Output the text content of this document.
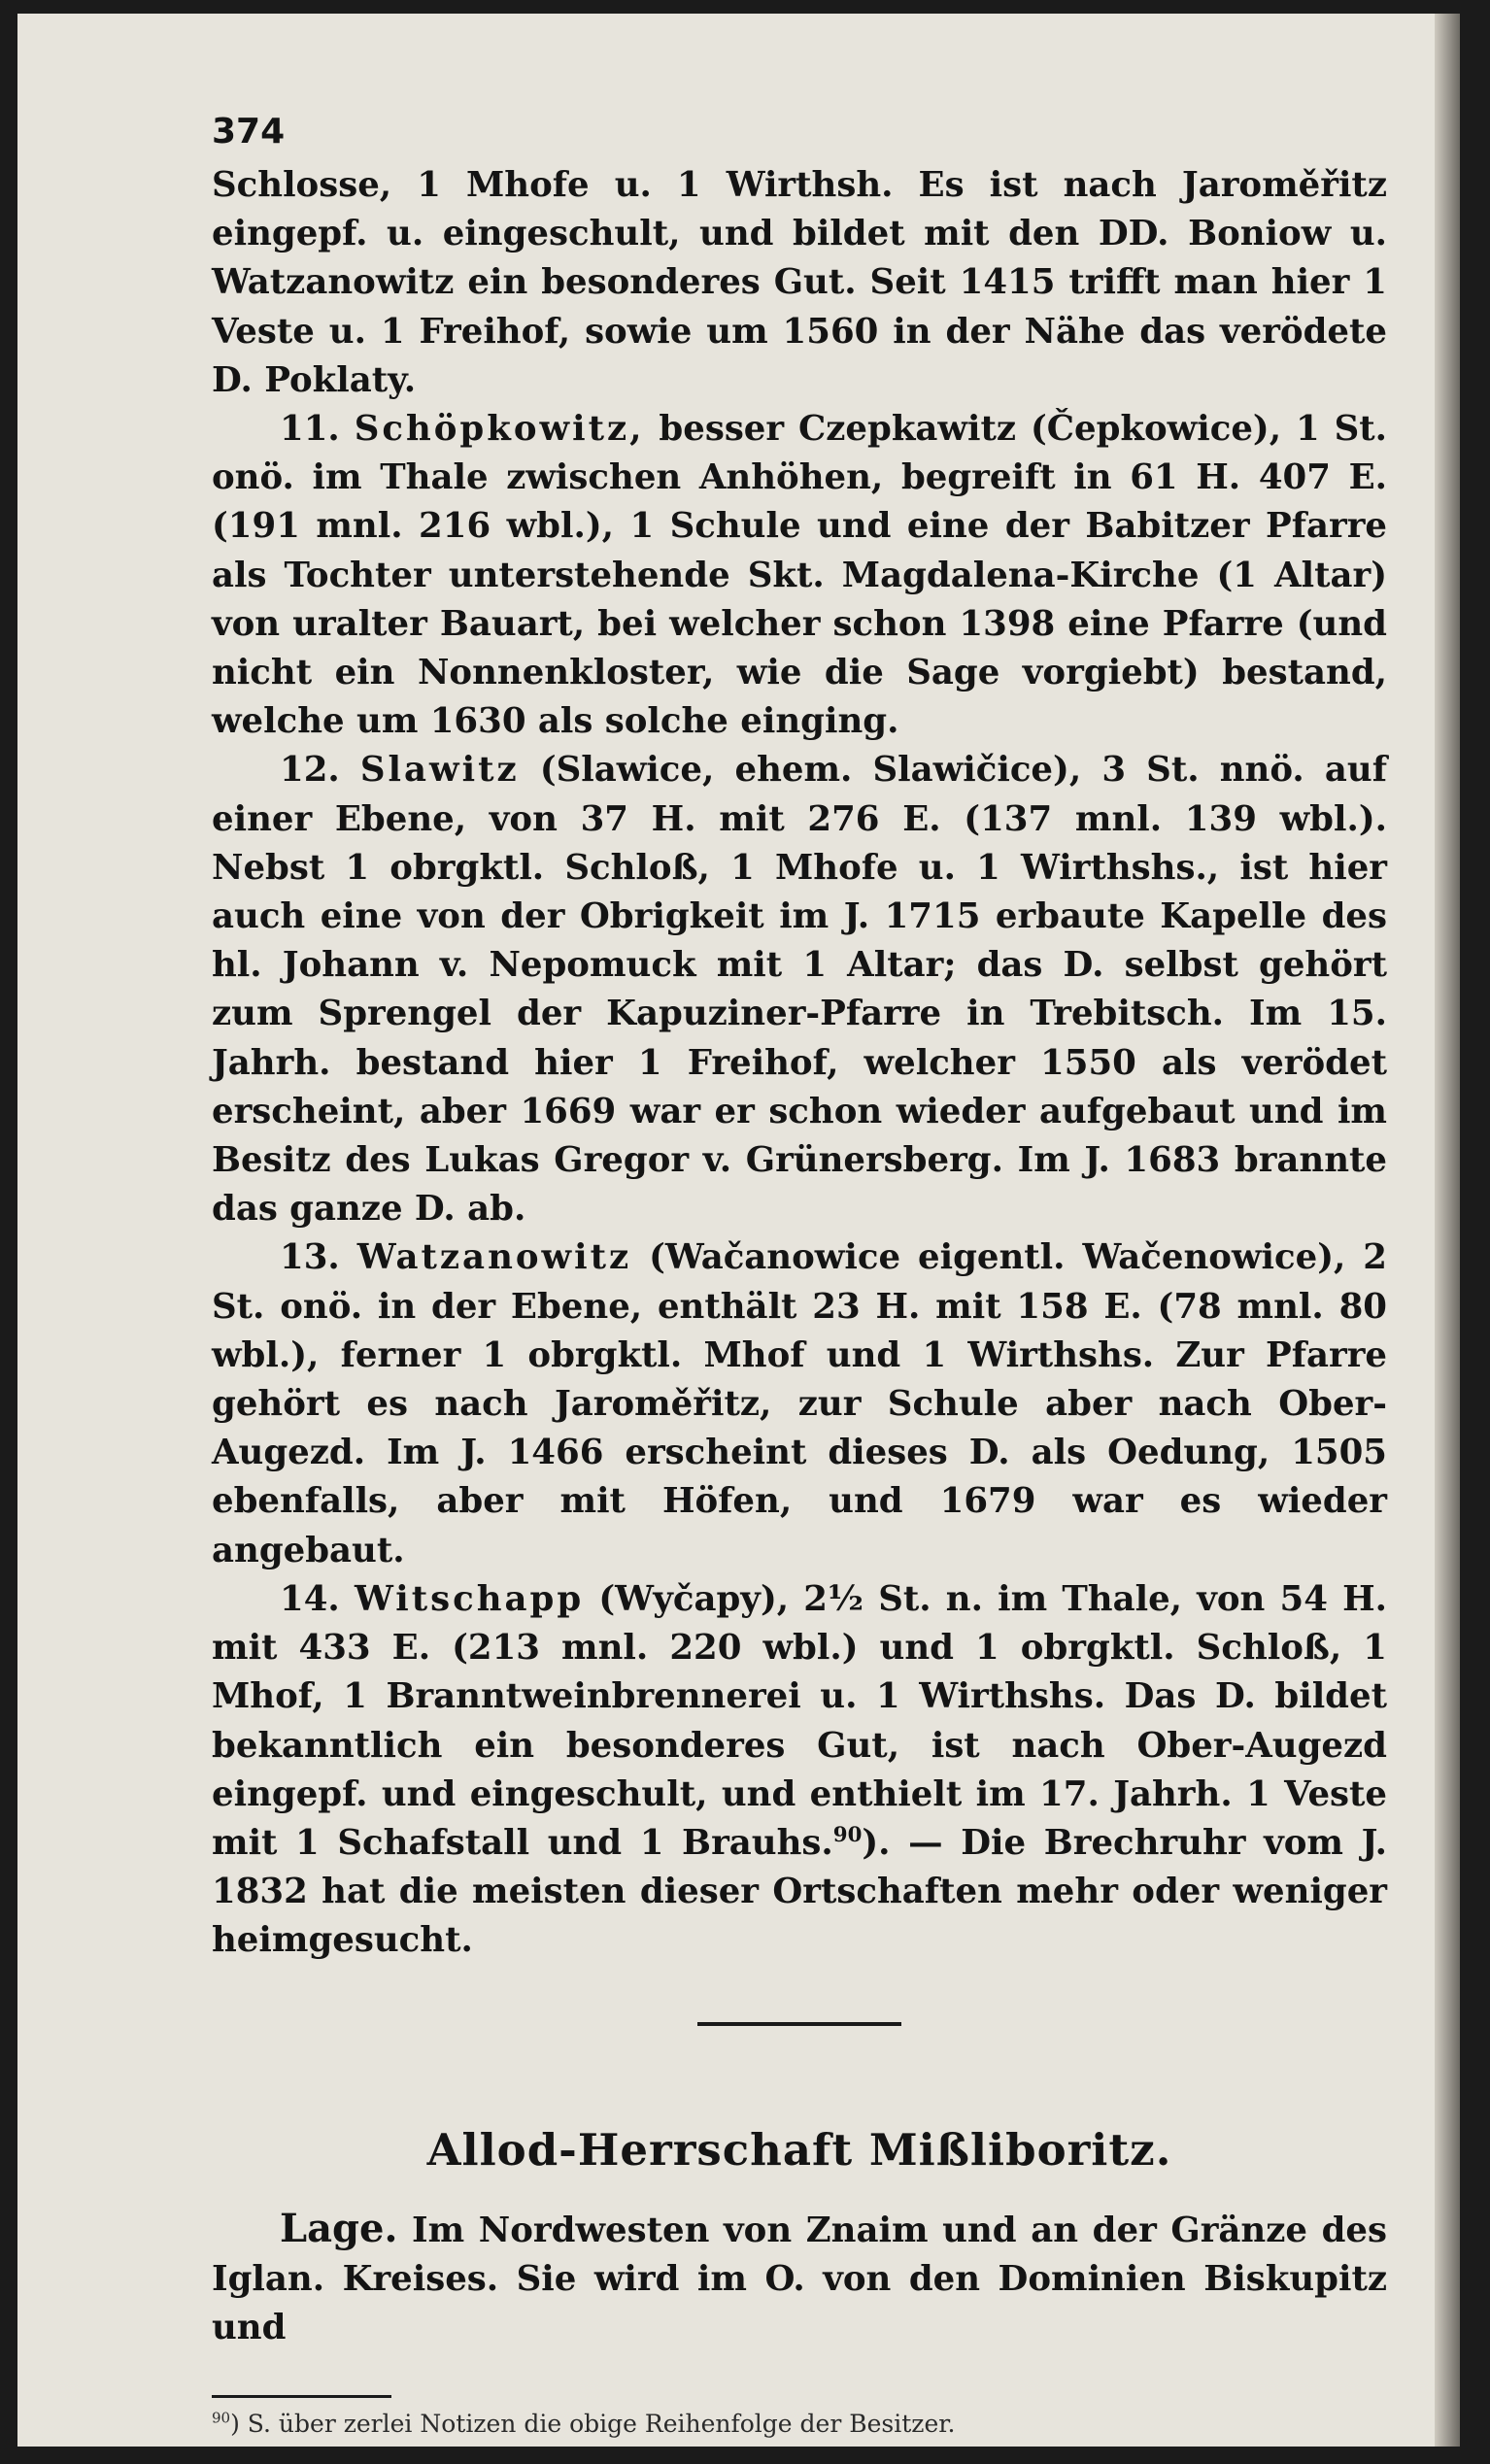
374

Schlosse, 1 Mhofe u. 1 Wirthsh. Es ist nach Jaroměřitz eingepf. u. eingeschult, und bildet mit den DD. Boniow u. Watzanowitz ein besonderes Gut. Seit 1415 trifft man hier 1 Veste u. 1 Freihof, sowie um 1560 in der Nähe das verödete D. Poklaty.

11. Schöpkowitz, besser Czepkawitz (Čepkowice), 1 St. onö. im Thale zwischen Anhöhen, begreift in 61 H. 407 E. (191 mnl. 216 wbl.), 1 Schule und eine der Babitzer Pfarre als Tochter unterstehende Skt. Magdalena-Kirche (1 Altar) von uralter Bauart, bei welcher schon 1398 eine Pfarre (und nicht ein Nonnenkloster, wie die Sage vorgiebt) bestand, welche um 1630 als solche einging.

12. Slawitz (Slawice, ehem. Slawičice), 3 St. nnö. auf einer Ebene, von 37 H. mit 276 E. (137 mnl. 139 wbl.). Nebst 1 obrgktl. Schloß, 1 Mhofe u. 1 Wirthshs., ist hier auch eine von der Obrigkeit im J. 1715 erbaute Kapelle des hl. Johann v. Nepomuck mit 1 Altar; das D. selbst gehört zum Sprengel der Kapuziner-Pfarre in Trebitsch. Im 15. Jahrh. bestand hier 1 Freihof, welcher 1550 als verödet erscheint, aber 1669 war er schon wieder aufgebaut und im Besitz des Lukas Gregor v. Grünersberg. Im J. 1683 brannte das ganze D. ab.

13. Watzanowitz (Wačanowice eigentl. Wačenowice), 2 St. onö. in der Ebene, enthält 23 H. mit 158 E. (78 mnl. 80 wbl.), ferner 1 obrgktl. Mhof und 1 Wirthshs. Zur Pfarre gehört es nach Jaroměřitz, zur Schule aber nach Ober-Augezd. Im J. 1466 erscheint dieses D. als Oedung, 1505 ebenfalls, aber mit Höfen, und 1679 war es wieder angebaut.

14. Witschapp (Wyčapy), 2½ St. n. im Thale, von 54 H. mit 433 E. (213 mnl. 220 wbl.) und 1 obrgktl. Schloß, 1 Mhof, 1 Branntweinbrennerei u. 1 Wirthshs. Das D. bildet bekanntlich ein besonderes Gut, ist nach Ober-Augezd eingepf. und eingeschult, und enthielt im 17. Jahrh. 1 Veste mit 1 Schafstall und 1 Brauhs.$^{90}$). — Die Brechruhr vom J. 1832 hat die meisten dieser Ortschaften mehr oder weniger heimgesucht.

Allod-Herrschaft Mißliboritz.

Lage. Im Nordwesten von Znaim und an der Gränze des Iglan. Kreises. Sie wird im O. von den Dominien Biskupitz und

$^{90}$) S. über zerlei Notizen die obige Reihenfolge der Besitzer.
